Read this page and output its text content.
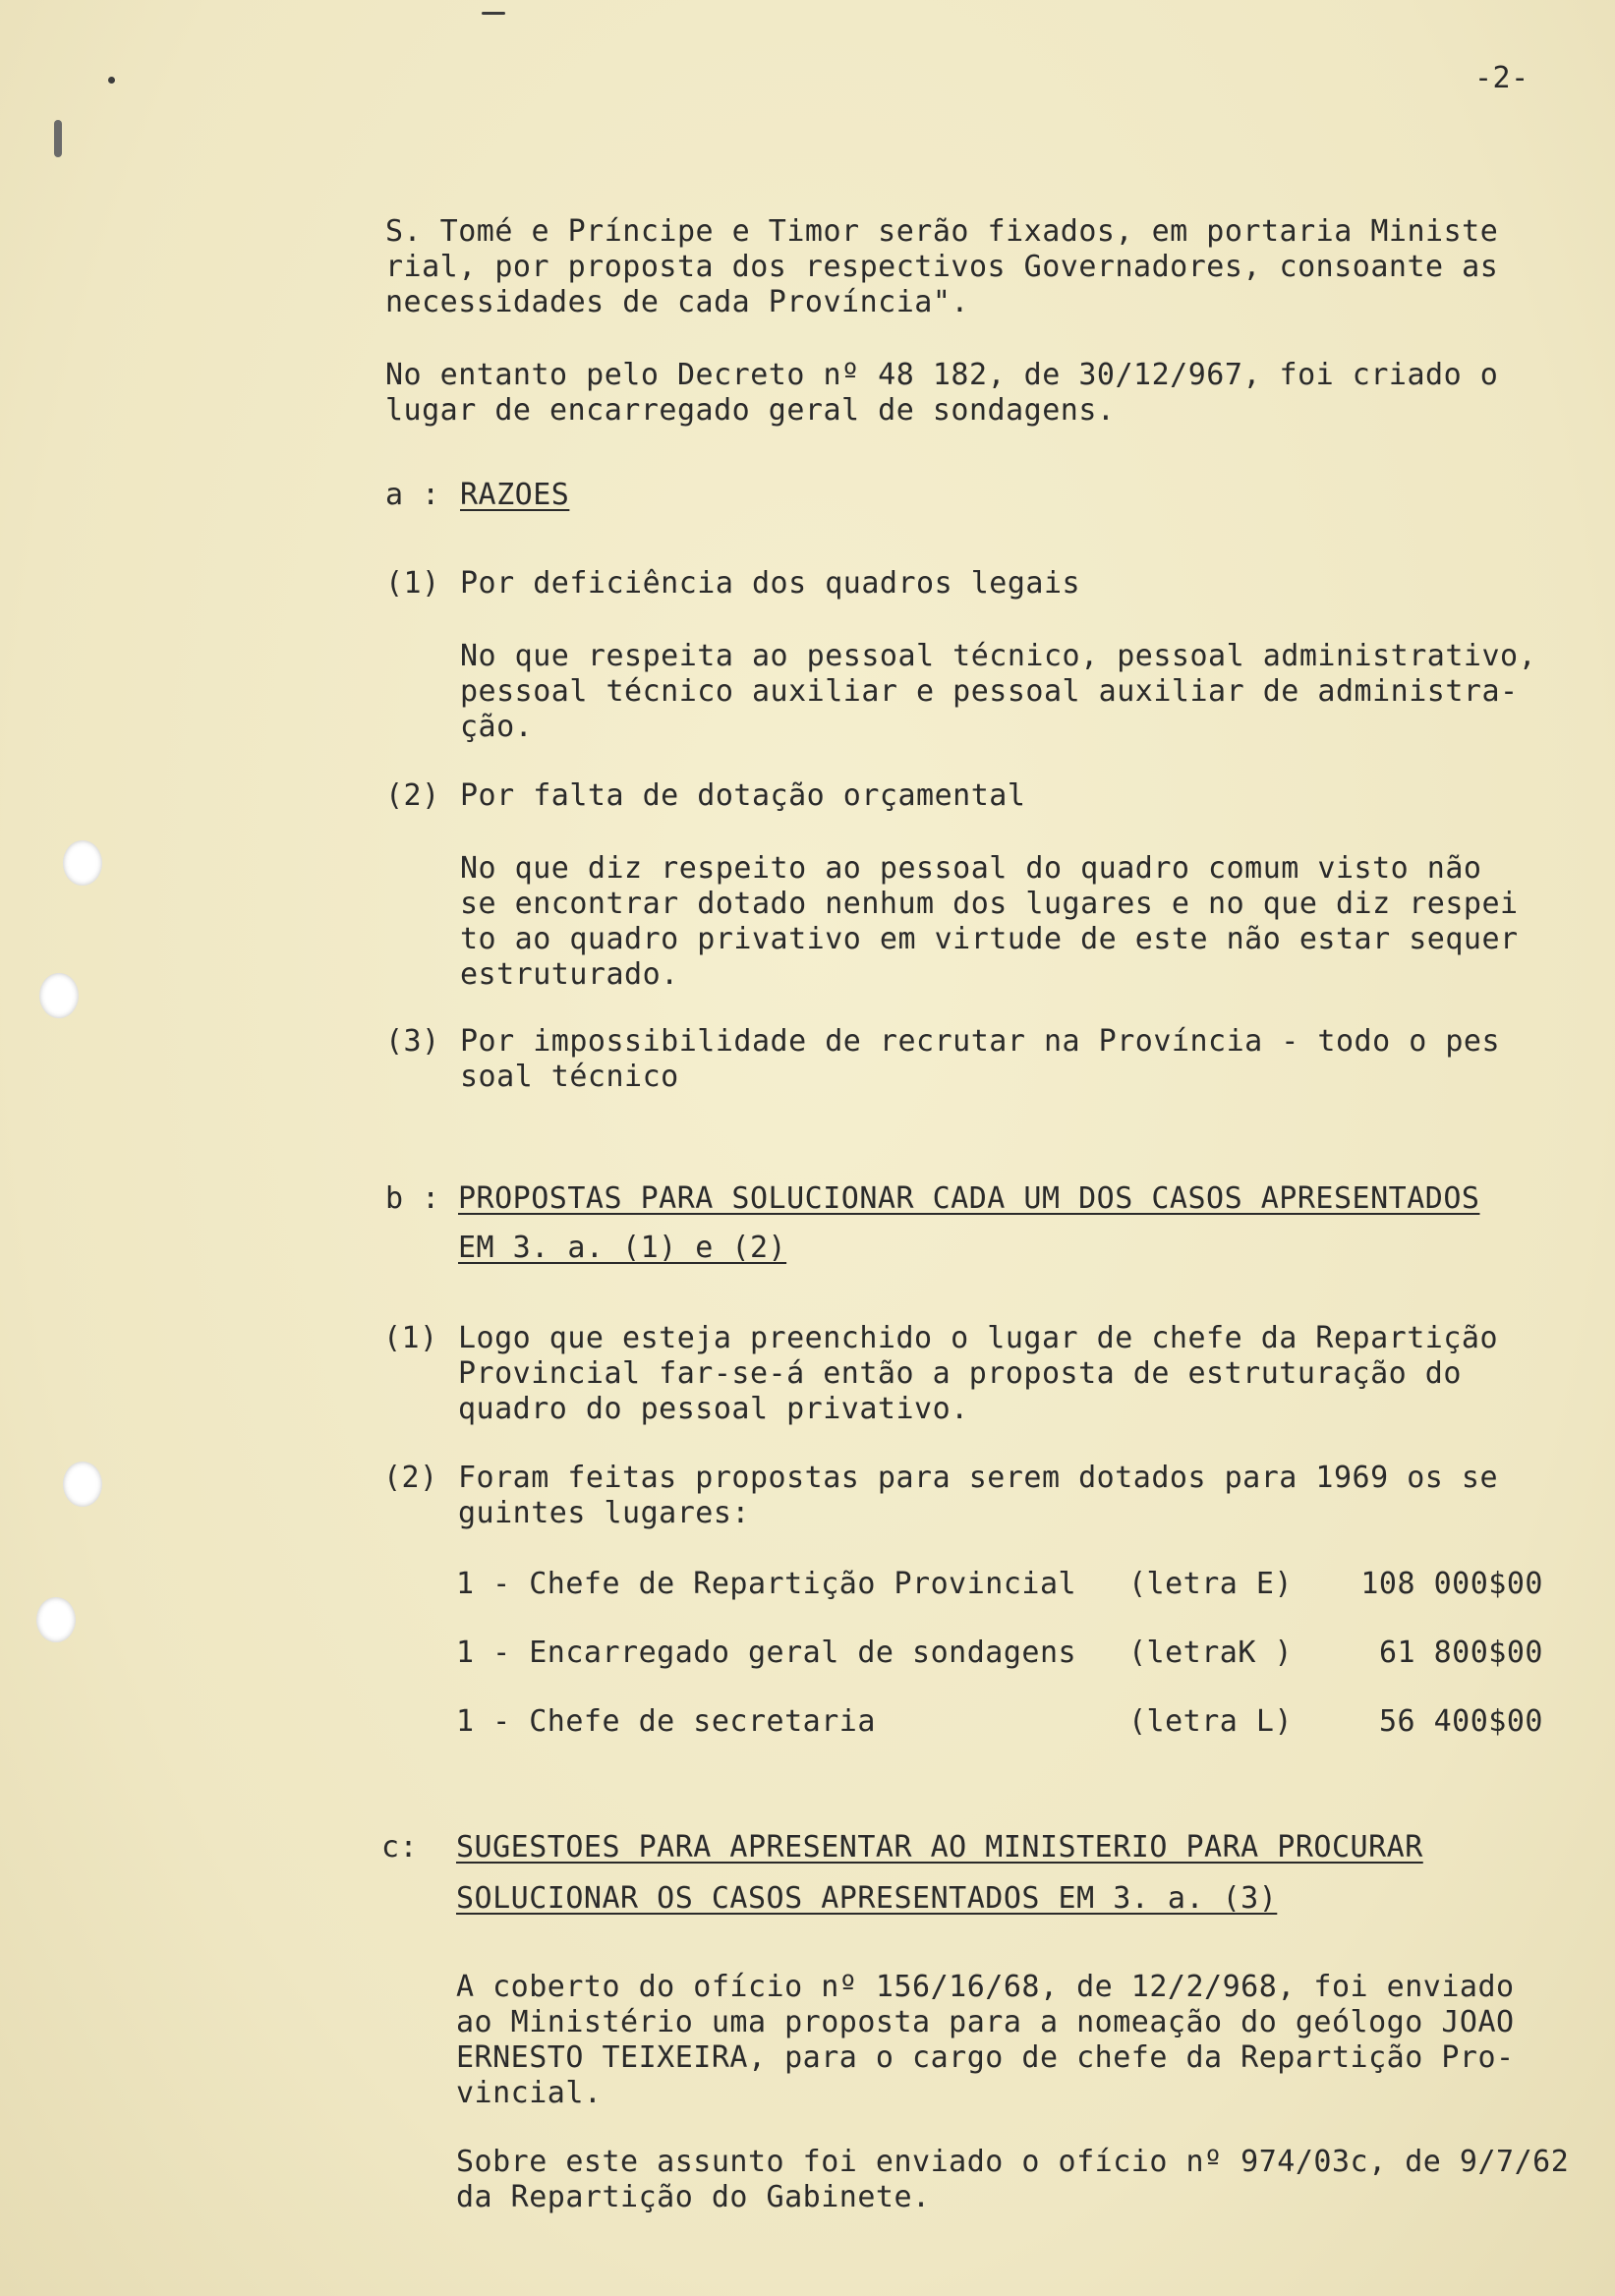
-2-
S. Tomé e Príncipe e Timor serão fixados, em portaria Ministe
rial, por proposta dos respectivos Governadores, consoante as
necessidades de cada Província".
No entanto pelo Decreto nº 48 182, de 30/12/967, foi criado o
lugar de encarregado geral de sondagens.
a : RAZOES
(1) Por deficiência dos quadros legais
No que respeita ao pessoal técnico, pessoal administrativo,
pessoal técnico auxiliar e pessoal auxiliar de administra-
ção.
(2) Por falta de dotação orçamental
No que diz respeito ao pessoal do quadro comum visto não
se encontrar dotado nenhum dos lugares e no que diz respei
to ao quadro privativo em virtude de este não estar sequer
estruturado.
(3) Por impossibilidade de recrutar na Província - todo o pes
soal técnico
b : PROPOSTAS PARA SOLUCIONAR CADA UM DOS CASOS APRESENTADOS
EM 3. a. (1) e (2)
(1) Logo que esteja preenchido o lugar de chefe da Repartição
Provincial far-se-á então a proposta de estruturação do
quadro do pessoal privativo.
(2) Foram feitas propostas para serem dotados para 1969 os se
guintes lugares:
1 - Chefe de Repartição Provincial (letra E)	108 000$00
1 - Encarregado geral de sondagens (letraK )	61 800$00
1 - Chefe de secretaria	(letra L)	56 400$00
c: SUGESTOES PARA APRESENTAR AO MINISTERIO PARA PROCURAR
SOLUCIONAR OS CASOS APRESENTADOS EM 3. a. (3)
A coberto do ofício nº 156/16/68, de 12/2/968, foi enviado
ao Ministério uma proposta para a nomeação do geólogo JOAO
ERNESTO TEIXEIRA, para o cargo de chefe da Repartição Pro-
vincial.
Sobre este assunto foi enviado o ofício nº 974/03c, de 9/7/62
da Repartição do Gabinete.
